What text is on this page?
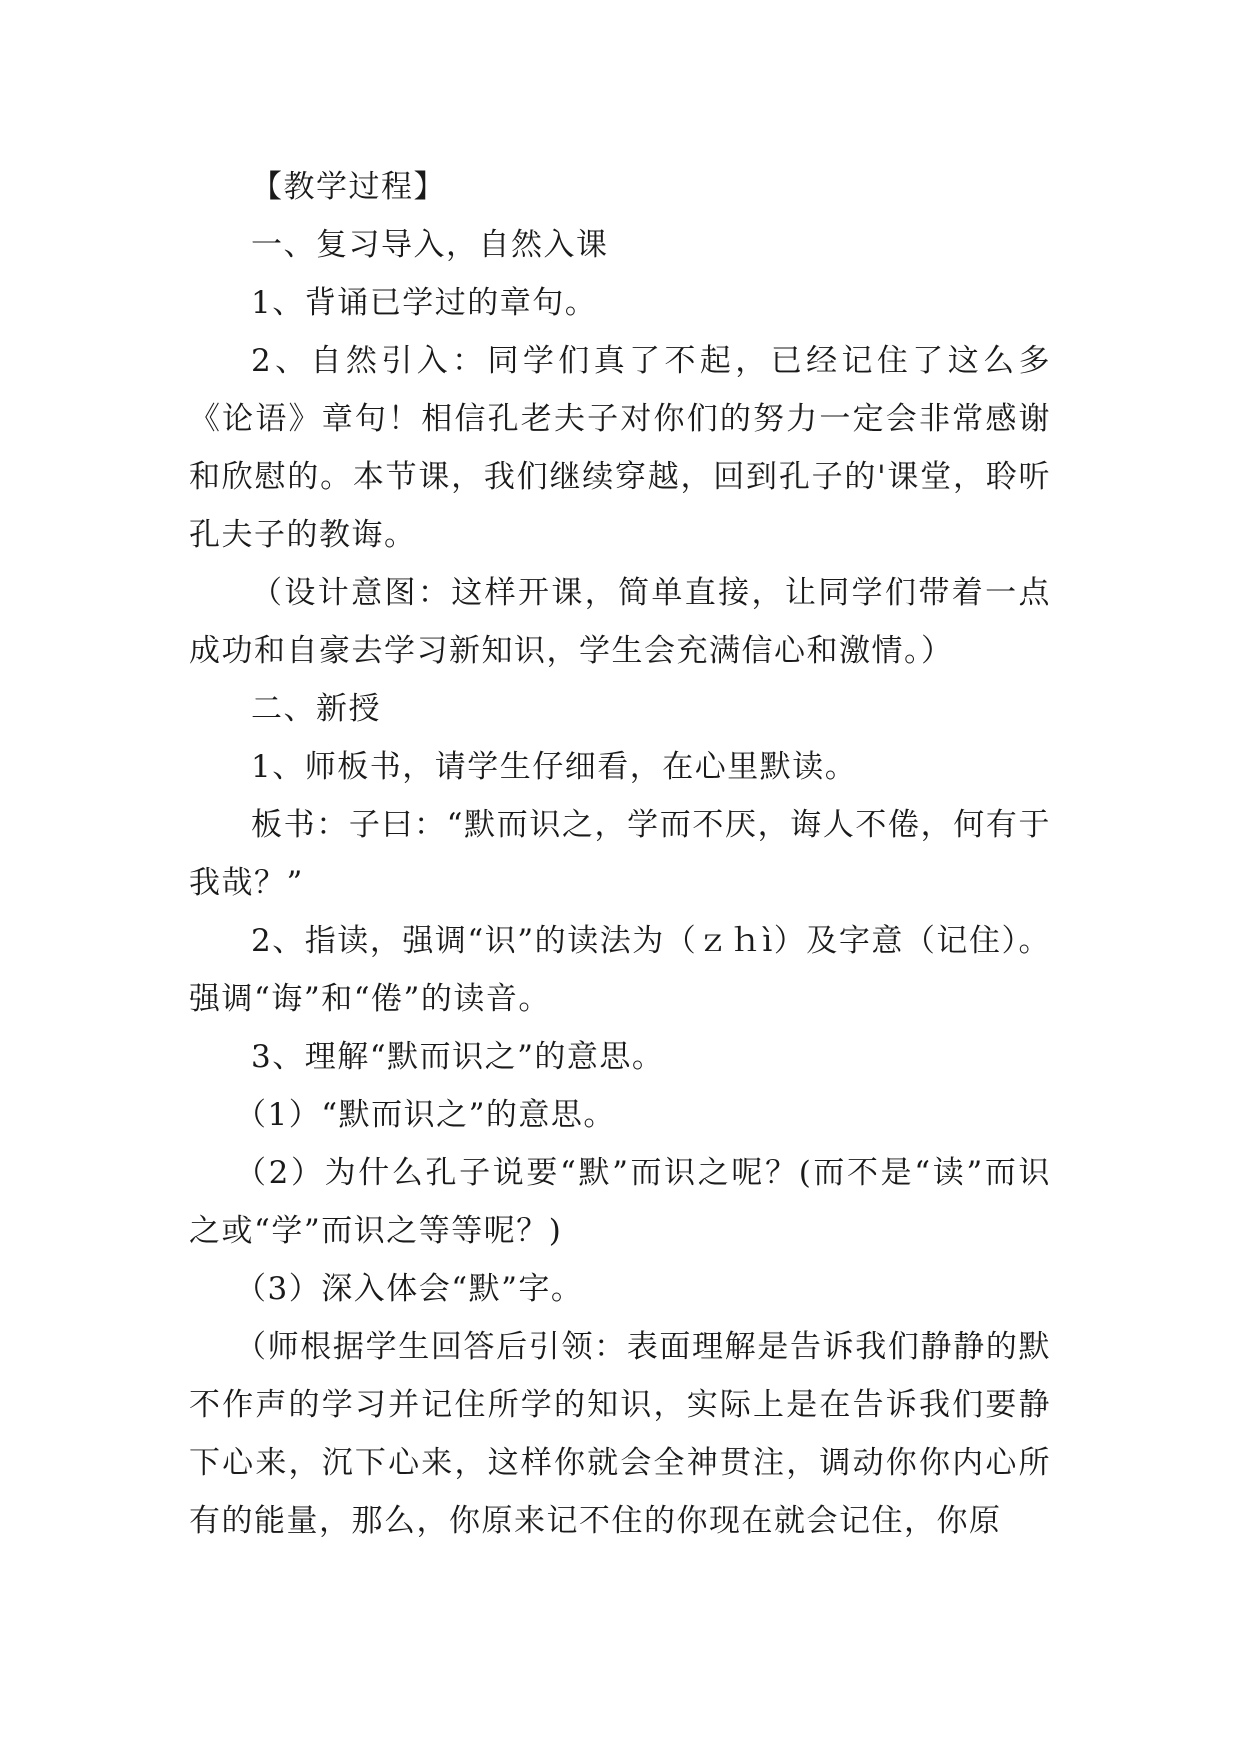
【教学过程】

一、复习导入，自然入课

1、背诵已学过的章句。

2、自然引入：同学们真了不起，已经记住了这么多《论语》章句！相信孔老夫子对你们的努力一定会非常感谢和欣慰的。本节课，我们继续穿越，回到孔子的'课堂，聆听孔夫子的教诲。

（设计意图：这样开课，简单直接，让同学们带着一点成功和自豪去学习新知识，学生会充满信心和激情。）

二、新授

1、师板书，请学生仔细看，在心里默读。

板书：子曰：“默而识之，学而不厌，诲人不倦，何有于我哉？”

2、指读，强调“识”的读法为（ｚｈì）及字意（记住）。强调“诲”和“倦”的读音。

3、理解“默而识之”的意思。

（1）“默而识之”的意思。

（2）为什么孔子说要“默”而识之呢？(而不是“读”而识之或“学”而识之等等呢？)

（3）深入体会“默”字。

（师根据学生回答后引领：表面理解是告诉我们静静的默不作声的学习并记住所学的知识，实际上是在告诉我们要静下心来，沉下心来，这样你就会全神贯注，调动你你内心所有的能量，那么，你原来记不住的你现在就会记住，你原
